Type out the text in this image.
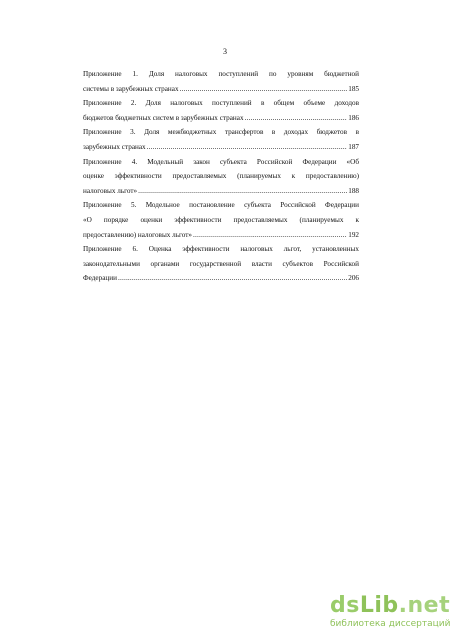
3
Приложение 1. Доля налоговых поступлений по уровням бюджетной
системы в зарубежных странах .....	185
Приложение 2. Доля налоговых поступлений в общем объеме доходов
бюджетов бюджетных систем в зарубежных странах .....	186
Приложение 3. Доля межбюджетных трансфертов в доходах бюджетов в
зарубежных странах .....	187
Приложение 4. Модельный закон субъекта Российской Федерации «Об
оценке эффективности предоставляемых (планируемых к предоставлению)
налоговых льгот» .....	188
Приложение 5. Модельное постановление субъекта Российской Федерации
«О порядке оценки эффективности предоставляемых (планируемых к
предоставлению) налоговых льгот» .....	192
Приложение 6. Оценка эффективности налоговых льгот, установленных
законодательными органами государственной власти субъектов Российской
Федерации .....	206
dsLib.net
библиотека диссертаций
